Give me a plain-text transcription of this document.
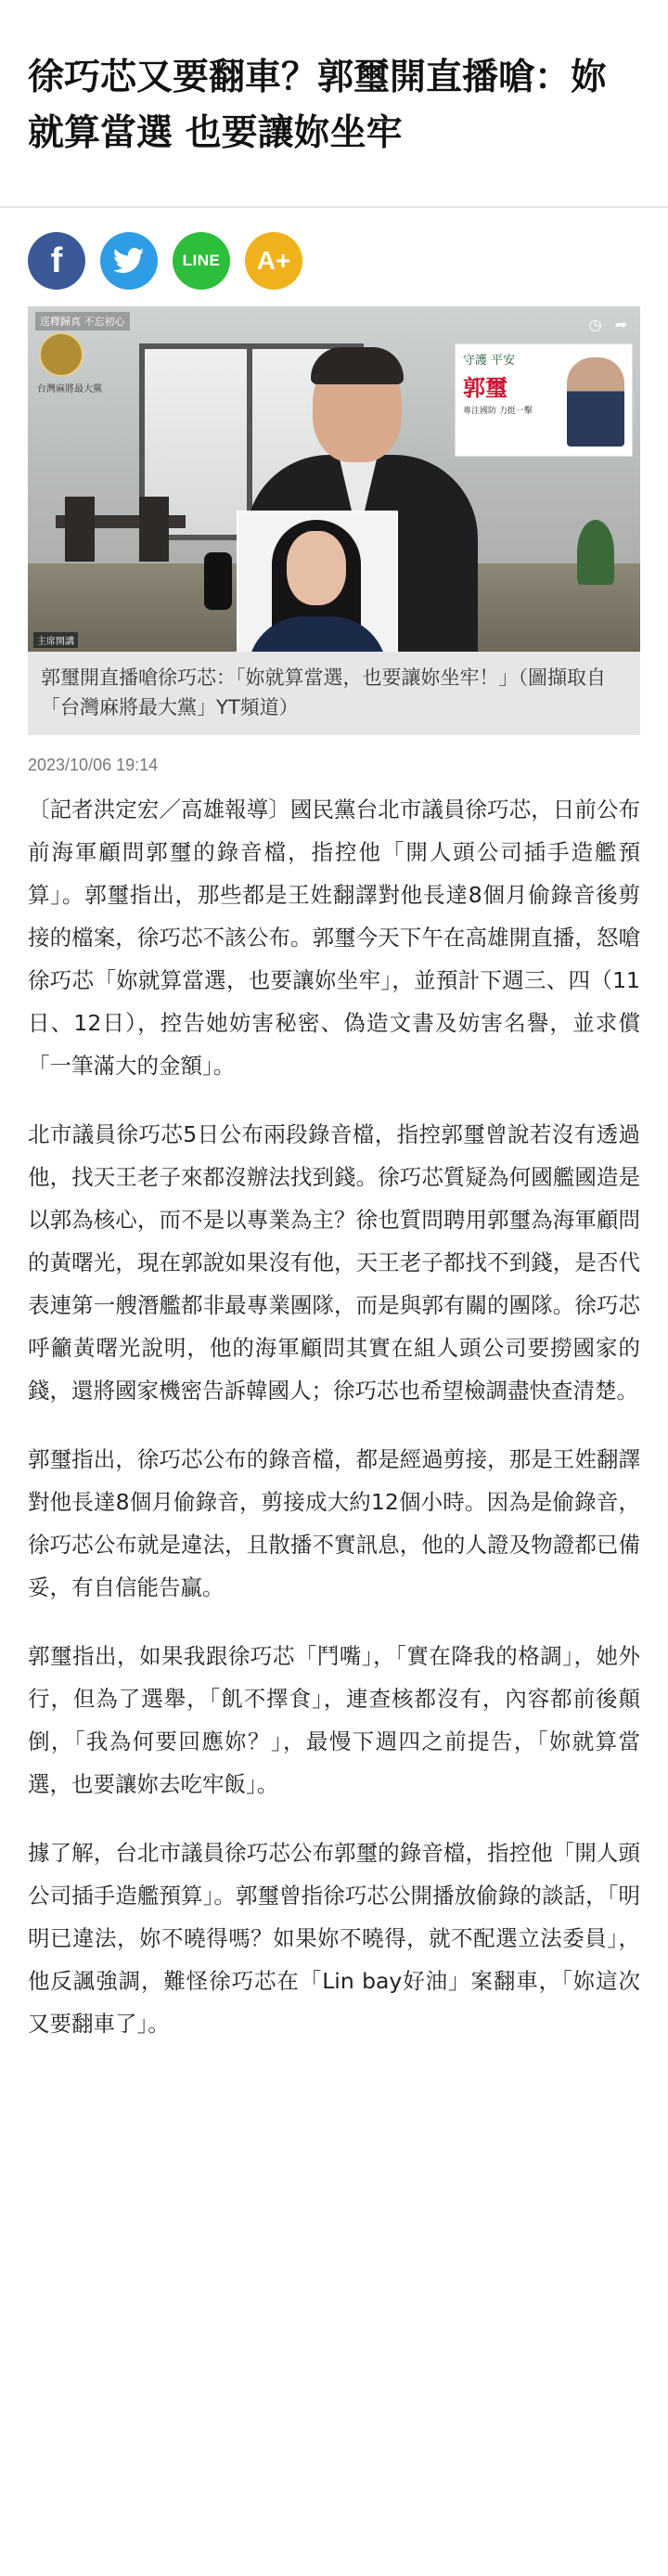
徐巧芯又要翻車？郭璽開直播嗆：妳就算當選 也要讓妳坐牢
f	LINE	A+
守護 平安
郭璽
專注國防 力挺一擊
逕釋歸真 不忘初心
台灣麻將最大黨
主席開講
◷ ➦
郭璽開直播嗆徐巧芯：「妳就算當選，也要讓妳坐牢！」（圖擷取自「台灣麻將最大黨」YT頻道）
2023/10/06 19:14

〔記者洪定宏／高雄報導〕國民黨台北市議員徐巧芯，日前公布前海軍顧問郭璽的錄音檔，指控他「開人頭公司插手造艦預算」。郭璽指出，那些都是王姓翻譯對他長達8個月偷錄音後剪接的檔案，徐巧芯不該公布。郭璽今天下午在高雄開直播，怒嗆徐巧芯「妳就算當選，也要讓妳坐牢」，並預計下週三、四（11日、12日），控告她妨害秘密、偽造文書及妨害名譽，並求償「一筆滿大的金額」。

北市議員徐巧芯5日公布兩段錄音檔，指控郭璽曾說若沒有透過他，找天王老子來都沒辦法找到錢。徐巧芯質疑為何國艦國造是以郭為核心，而不是以專業為主？徐也質問聘用郭璽為海軍顧問的黃曙光，現在郭說如果沒有他，天王老子都找不到錢，是否代表連第一艘潛艦都非最專業團隊，而是與郭有關的團隊。徐巧芯呼籲黃曙光說明，他的海軍顧問其實在組人頭公司要撈國家的錢，還將國家機密告訴韓國人；徐巧芯也希望檢調盡快查清楚。

郭璽指出，徐巧芯公布的錄音檔，都是經過剪接，那是王姓翻譯對他長達8個月偷錄音，剪接成大約12個小時。因為是偷錄音，徐巧芯公布就是違法，且散播不實訊息，他的人證及物證都已備妥，有自信能告贏。

郭璽指出，如果我跟徐巧芯「鬥嘴」，「實在降我的格調」，她外行，但為了選舉，「飢不擇食」，連查核都沒有，內容都前後顛倒，「我為何要回應妳？」，最慢下週四之前提告，「妳就算當選，也要讓妳去吃牢飯」。

據了解，台北市議員徐巧芯公布郭璽的錄音檔，指控他「開人頭公司插手造艦預算」。郭璽曾指徐巧芯公開播放偷錄的談話，「明明已違法，妳不曉得嗎？如果妳不曉得，就不配選立法委員」，他反諷強調，難怪徐巧芯在「Lin bay好油」案翻車，「妳這次又要翻車了」。
